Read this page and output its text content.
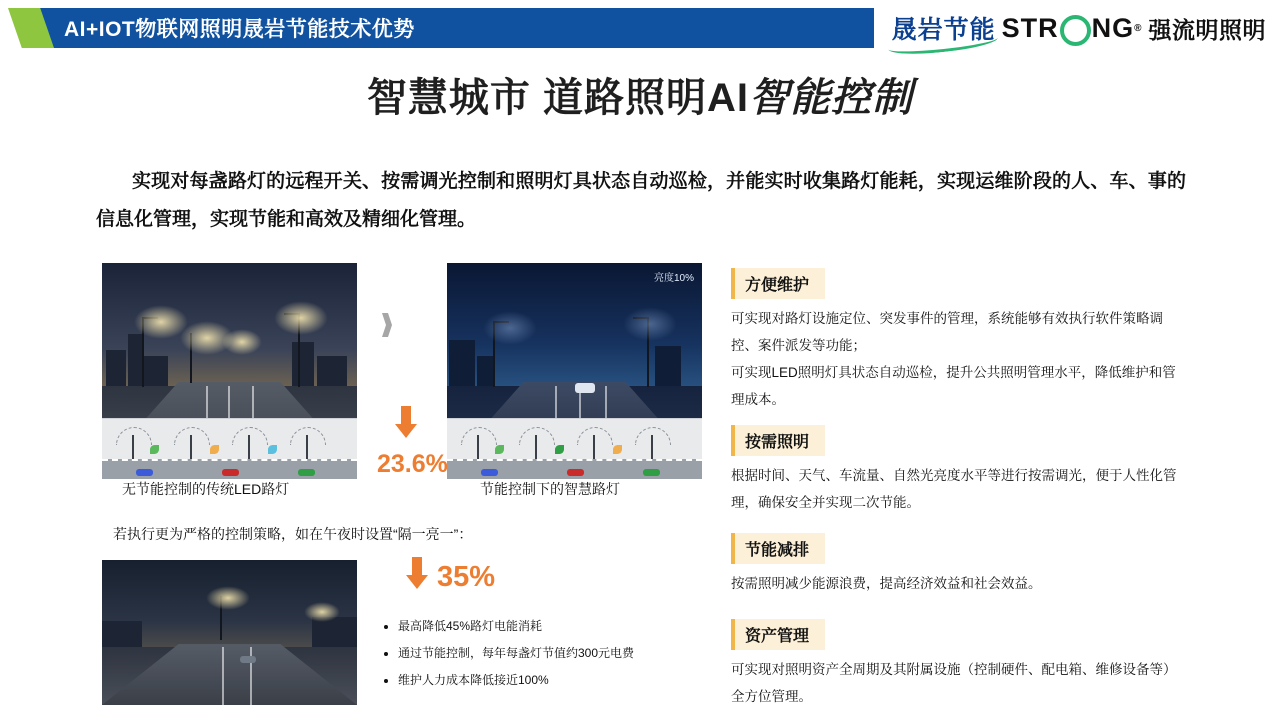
AI+IOT物联网照明晟岩节能技术优势	晟岩节能 STR NG ® 强流明照明
智慧城市 道路照明AI智能控制
实现对每盏路灯的远程开关、按需调光控制和照明灯具状态自动巡检，并能实时收集路灯能耗，实现运维阶段的人、车、事的信息化管理，实现节能和高效及精细化管理。
亮度10%
23.6%
无节能控制的传统LED路灯	节能控制下的智慧路灯
若执行更为严格的控制策略，如在午夜时设置“隔一亮一”：
35%
• 最高降低45%路灯电能消耗
• 通过节能控制，每年每盏灯节值约300元电费
• 维护人力成本降低接近100%
方便维护
可实现对路灯设施定位、突发事件的管理，系统能够有效执行软件策略调控、案件派发等功能；
可实现LED照明灯具状态自动巡检，提升公共照明管理水平，降低维护和管理成本。
按需照明
根据时间、天气、车流量、自然光亮度水平等进行按需调光，便于人性化管理，确保安全并实现二次节能。
节能减排
按需照明减少能源浪费，提高经济效益和社会效益。
资产管理
可实现对照明资产全周期及其附属设施（控制硬件、配电箱、维修设备等）全方位管理。
